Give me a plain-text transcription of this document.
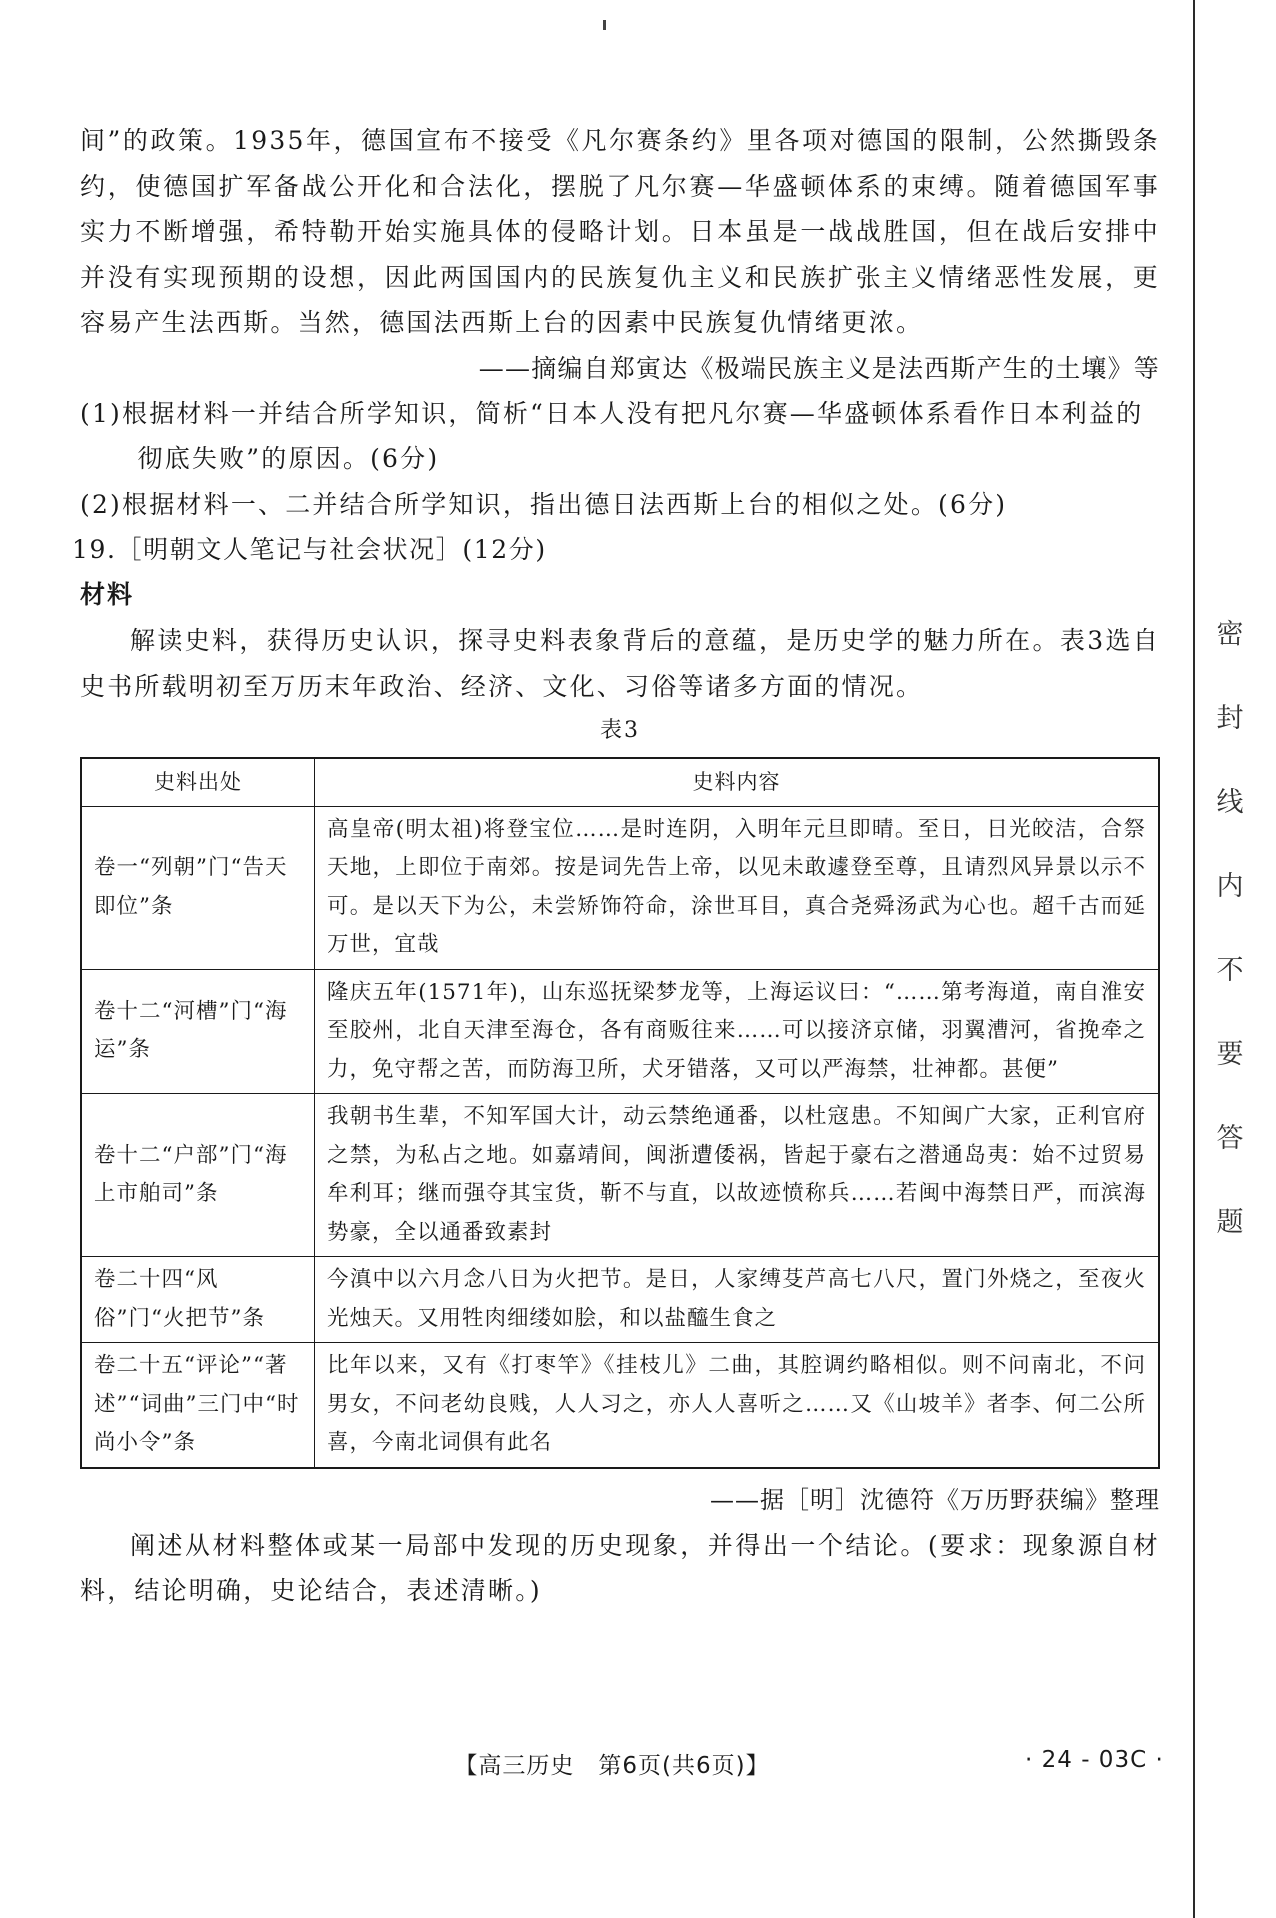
间”的政策。1935年，德国宣布不接受《凡尔赛条约》里各项对德国的限制，公然撕毁条约，使德国扩军备战公开化和合法化，摆脱了凡尔赛—华盛顿体系的束缚。随着德国军事实力不断增强，希特勒开始实施具体的侵略计划。日本虽是一战战胜国，但在战后安排中并没有实现预期的设想，因此两国国内的民族复仇主义和民族扩张主义情绪恶性发展，更容易产生法西斯。当然，德国法西斯上台的因素中民族复仇情绪更浓。

——摘编自郑寅达《极端民族主义是法西斯产生的土壤》等

(1)根据材料一并结合所学知识，简析“日本人没有把凡尔赛—华盛顿体系看作日本利益的彻底失败”的原因。(6分)

(2)根据材料一、二并结合所学知识，指出德日法西斯上台的相似之处。(6分)

19.［明朝文人笔记与社会状况］(12分)

材料

解读史料，获得历史认识，探寻史料表象背后的意蕴，是历史学的魅力所在。表3选自史书所载明初至万历末年政治、经济、文化、习俗等诸多方面的情况。

表3

史料出处	史料内容
卷一“列朝”门“告天即位”条	高皇帝(明太祖)将登宝位……是时连阴，入明年元旦即晴。至日，日光皎洁，合祭天地，上即位于南郊。按是词先告上帝，以见未敢遽登至尊，且请烈风异景以示不可。是以天下为公，未尝矫饰符命，涂世耳目，真合尧舜汤武为心也。超千古而延万世，宜哉
卷十二“河槽”门“海运”条	隆庆五年(1571年)，山东巡抚梁梦龙等，上海运议曰：“……第考海道，南自淮安至胶州，北自天津至海仓，各有商贩往来……可以接济京储，羽翼漕河，省挽牵之力，免守帮之苦，而防海卫所，犬牙错落，又可以严海禁，壮神都。甚便”
卷十二“户部”门“海上市舶司”条	我朝书生辈，不知军国大计，动云禁绝通番，以杜寇患。不知闽广大家，正利官府之禁，为私占之地。如嘉靖间，闽浙遭倭祸，皆起于豪右之潜通岛夷：始不过贸易牟利耳；继而强夺其宝货，靳不与直，以故迹愤称兵……若闽中海禁日严，而滨海势豪，全以通番致素封
卷二十四“风俗”门“火把节”条	今滇中以六月念八日为火把节。是日，人家缚芟芦高七八尺，置门外烧之，至夜火光烛天。又用牲肉细缕如脍，和以盐醯生食之
卷二十五“评论”“著述”“词曲”三门中“时尚小令”条	比年以来，又有《打枣竿》《挂枝儿》二曲，其腔调约略相似。则不问南北，不问男女，不问老幼良贱，人人习之，亦人人喜听之……又《山坡羊》者李、何二公所喜，今南北词俱有此名

——据［明］沈德符《万历野获编》整理

阐述从材料整体或某一局部中发现的历史现象，并得出一个结论。(要求：现象源自材料，结论明确，史论结合，表述清晰。)

密
封
线
内
不
要
答
题
【高三历史　第6页(共6页)】	· 24 - 03C ·
